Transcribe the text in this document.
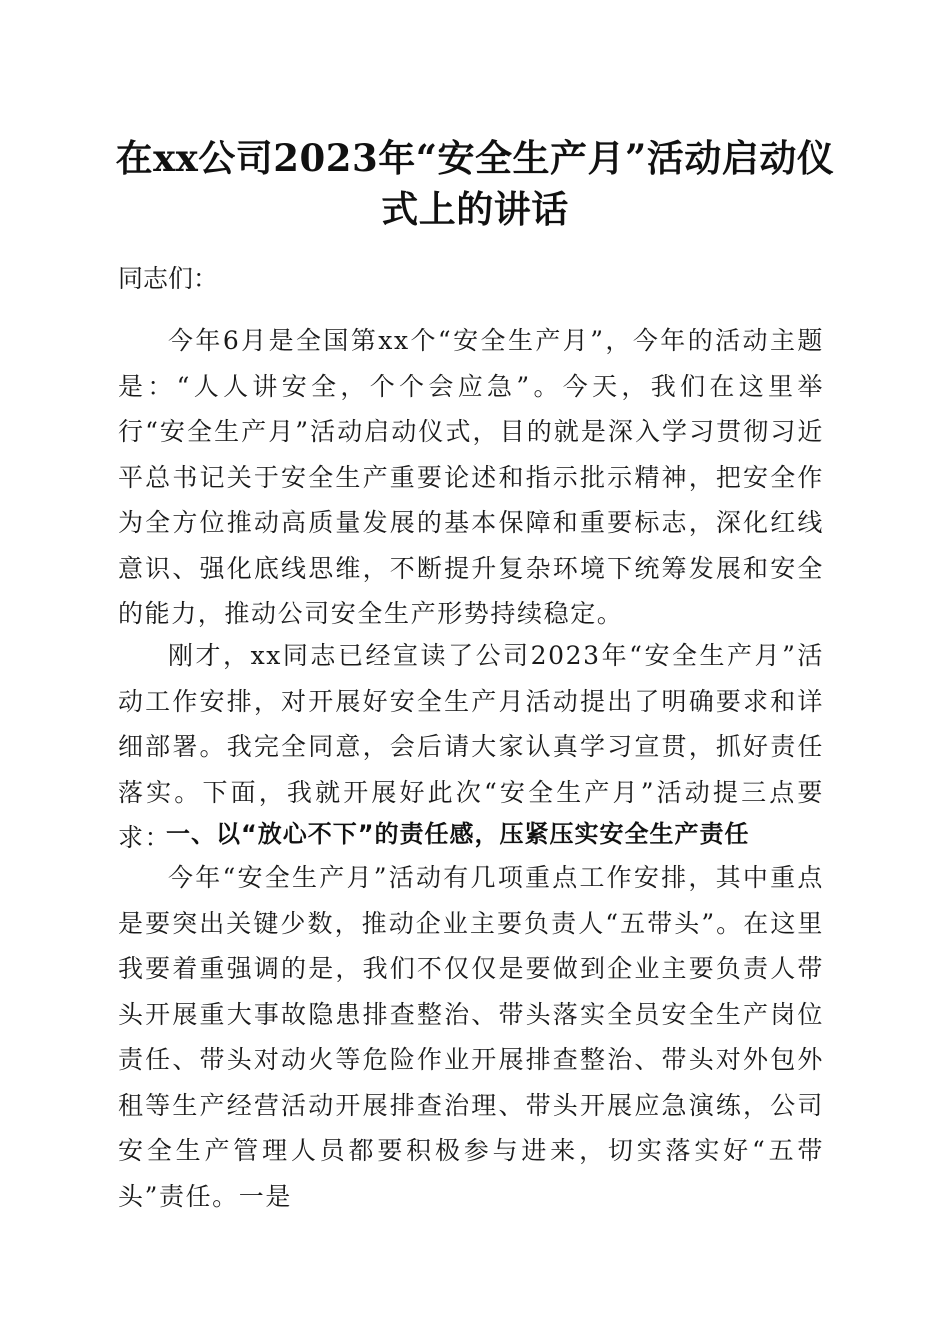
在xx公司2023年“安全生产月”活动启动仪式上的讲话

同志们：

今年6月是全国第xx个“安全生产月”，今年的活动主题是：“人人讲安全，个个会应急”。今天，我们在这里举行“安全生产月”活动启动仪式，目的就是深入学习贯彻习近平总书记关于安全生产重要论述和指示批示精神，把安全作为全方位推动高质量发展的基本保障和重要标志，深化红线意识、强化底线思维，不断提升复杂环境下统筹发展和安全的能力，推动公司安全生产形势持续稳定。

刚才，xx同志已经宣读了公司2023年“安全生产月”活动工作安排，对开展好安全生产月活动提出了明确要求和详细部署。我完全同意，会后请大家认真学习宣贯，抓好责任落实。下面，我就开展好此次“安全生产月”活动提三点要求：

一、以“放心不下”的责任感，压紧压实安全生产责任

今年“安全生产月”活动有几项重点工作安排，其中重点是要突出关键少数，推动企业主要负责人“五带头”。在这里我要着重强调的是，我们不仅仅是要做到企业主要负责人带头开展重大事故隐患排查整治、带头落实全员安全生产岗位责任、带头对动火等危险作业开展排查整治、带头对外包外租等生产经营活动开展排查治理、带头开展应急演练，公司安全生产管理人员都要积极参与进来，切实落实好“五带头”责任。一是
